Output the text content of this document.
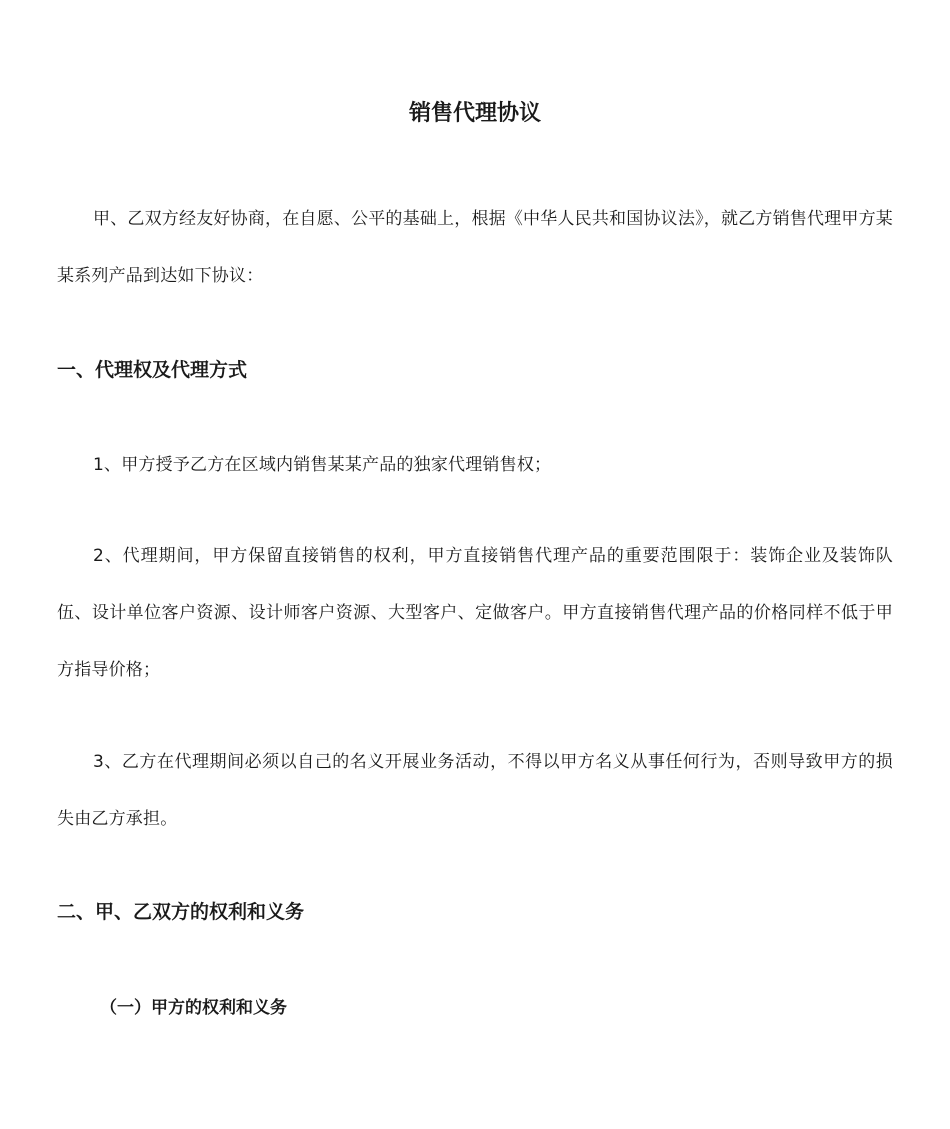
销售代理协议

甲、乙双方经友好协商，在自愿、公平的基础上，根据《中华人民共和国协议法》，就乙方销售代理甲方某某系列产品到达如下协议：

一、代理权及代理方式

1、甲方授予乙方在区域内销售某某产品的独家代理销售权；

2、代理期间，甲方保留直接销售的权利，甲方直接销售代理产品的重要范围限于：装饰企业及装饰队伍、设计单位客户资源、设计师客户资源、大型客户、定做客户。甲方直接销售代理产品的价格同样不低于甲方指导价格；

3、乙方在代理期间必须以自己的名义开展业务活动，不得以甲方名义从事任何行为，否则导致甲方的损失由乙方承担。

二、甲、乙双方的权利和义务
（一）甲方的权利和义务
